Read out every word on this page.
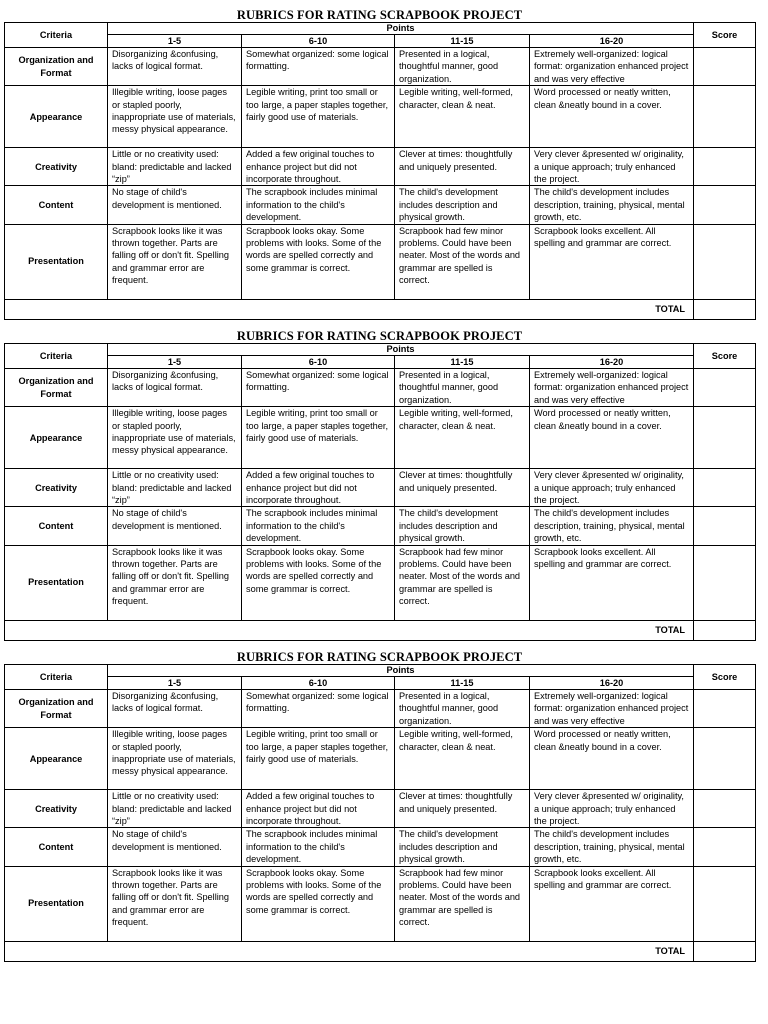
RUBRICS FOR RATING SCRAPBOOK PROJECT
Criteria	Points				Score
	1-5	6-10	11-15	16-20	
Organization and Format	Disorganizing &confusing, lacks of logical format.	Somewhat organized: some logical formatting.	Presented in a logical, thoughtful manner, good organization.	Extremely well-organized: logical format: organization enhanced project and was very effective	
Appearance	Illegible writing, loose pages or stapled poorly, inappropriate use of materials, messy physical appearance.	Legible writing, print too small or too large, a paper staples together, fairly good use of materials.	Legible writing, well-formed, character, clean & neat.	Word processed or neatly written, clean &neatly bound in a cover.	
Creativity	Little or no creativity used: bland: predictable and lacked “zip”	Added a few original touches to enhance project but did not incorporate throughout.	Clever at times: thoughtfully and uniquely presented.	Very clever &presented w/ originality, a unique approach; truly enhanced the project.	
Content	No stage of child's development is mentioned.	The scrapbook includes minimal information to the child's development.	The child's development includes description and physical growth.	The child's development includes description, training, physical, mental growth, etc.	
Presentation	Scrapbook looks like it was thrown together. Parts are falling off or don't fit. Spelling and grammar error are frequent.	Scrapbook looks okay. Some problems with looks. Some of the words are spelled correctly and some grammar is correct.	Scrapbook had few minor problems. Could have been neater. Most of the words and grammar are spelled is correct.	Scrapbook looks excellent. All spelling and grammar are correct.	
TOTAL					
RUBRICS FOR RATING SCRAPBOOK PROJECT
Criteria	Points				Score
	1-5	6-10	11-15	16-20	
Organization and Format	Disorganizing &confusing, lacks of logical format.	Somewhat organized: some logical formatting.	Presented in a logical, thoughtful manner, good organization.	Extremely well-organized: logical format: organization enhanced project and was very effective	
Appearance	Illegible writing, loose pages or stapled poorly, inappropriate use of materials, messy physical appearance.	Legible writing, print too small or too large, a paper staples together, fairly good use of materials.	Legible writing, well-formed, character, clean & neat.	Word processed or neatly written, clean &neatly bound in a cover.	
Creativity	Little or no creativity used: bland: predictable and lacked “zip”	Added a few original touches to enhance project but did not incorporate throughout.	Clever at times: thoughtfully and uniquely presented.	Very clever &presented w/ originality, a unique approach; truly enhanced the project.	
Content	No stage of child's development is mentioned.	The scrapbook includes minimal information to the child's development.	The child's development includes description and physical growth.	The child's development includes description, training, physical, mental growth, etc.	
Presentation	Scrapbook looks like it was thrown together. Parts are falling off or don't fit. Spelling and grammar error are frequent.	Scrapbook looks okay. Some problems with looks. Some of the words are spelled correctly and some grammar is correct.	Scrapbook had few minor problems. Could have been neater. Most of the words and grammar are spelled is correct.	Scrapbook looks excellent. All spelling and grammar are correct.	
TOTAL					
RUBRICS FOR RATING SCRAPBOOK PROJECT
Criteria	Points				Score
	1-5	6-10	11-15	16-20	
Organization and Format	Disorganizing &confusing, lacks of logical format.	Somewhat organized: some logical formatting.	Presented in a logical, thoughtful manner, good organization.	Extremely well-organized: logical format: organization enhanced project and was very effective	
Appearance	Illegible writing, loose pages or stapled poorly, inappropriate use of materials, messy physical appearance.	Legible writing, print too small or too large, a paper staples together, fairly good use of materials.	Legible writing, well-formed, character, clean & neat.	Word processed or neatly written, clean &neatly bound in a cover.	
Creativity	Little or no creativity used: bland: predictable and lacked “zip”	Added a few original touches to enhance project but did not incorporate throughout.	Clever at times: thoughtfully and uniquely presented.	Very clever &presented w/ originality, a unique approach; truly enhanced the project.	
Content	No stage of child's development is mentioned.	The scrapbook includes minimal information to the child's development.	The child's development includes description and physical growth.	The child's development includes description, training, physical, mental growth, etc.	
Presentation	Scrapbook looks like it was thrown together. Parts are falling off or don't fit. Spelling and grammar error are frequent.	Scrapbook looks okay. Some problems with looks. Some of the words are spelled correctly and some grammar is correct.	Scrapbook had few minor problems. Could have been neater. Most of the words and grammar are spelled is correct.	Scrapbook looks excellent. All spelling and grammar are correct.	
TOTAL					
